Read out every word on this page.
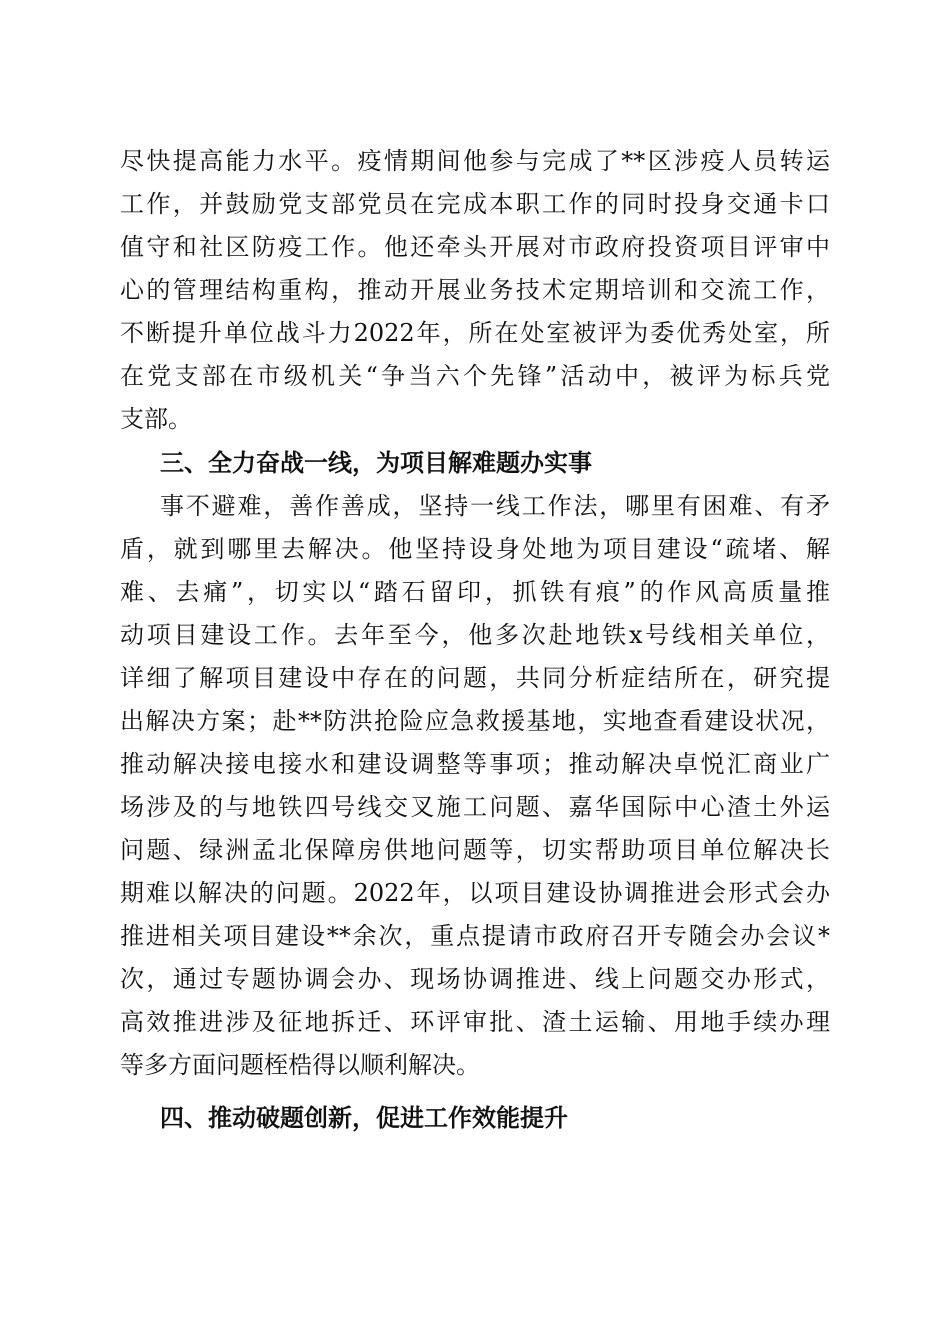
尽快提高能力水平。疫情期间他参与完成了**区涉疫人员转运
工作，并鼓励党支部党员在完成本职工作的同时投身交通卡口
值守和社区防疫工作。他还牵头开展对市政府投资项目评审中
心的管理结构重构，推动开展业务技术定期培训和交流工作，
不断提升单位战斗力2022年，所在处室被评为委优秀处室，所
在党支部在市级机关“争当六个先锋”活动中，被评为标兵党
支部。
三、全力奋战一线，为项目解难题办实事
事不避难，善作善成，坚持一线工作法，哪里有困难、有矛
盾，就到哪里去解决。他坚持设身处地为项目建设“疏堵、解
难、去痛”，切实以“踏石留印，抓铁有痕”的作风高质量推
动项目建设工作。去年至今，他多次赴地铁x号线相关单位，
详细了解项目建设中存在的问题，共同分析症结所在，研究提
出解决方案；赴**防洪抢险应急救援基地，实地查看建设状况，
推动解决接电接水和建设调整等事项；推动解决卓悦汇商业广
场涉及的与地铁四号线交叉施工问题、嘉华国际中心渣土外运
问题、绿洲孟北保障房供地问题等，切实帮助项目单位解决长
期难以解决的问题。2022年，以项目建设协调推进会形式会办
推进相关项目建设**余次，重点提请市政府召开专随会办会议*
次，通过专题协调会办、现场协调推进、线上问题交办形式，
高效推进涉及征地拆迁、环评审批、渣土运输、用地手续办理
等多方面问题桎梏得以顺利解决。
四、推动破题创新，促进工作效能提升
